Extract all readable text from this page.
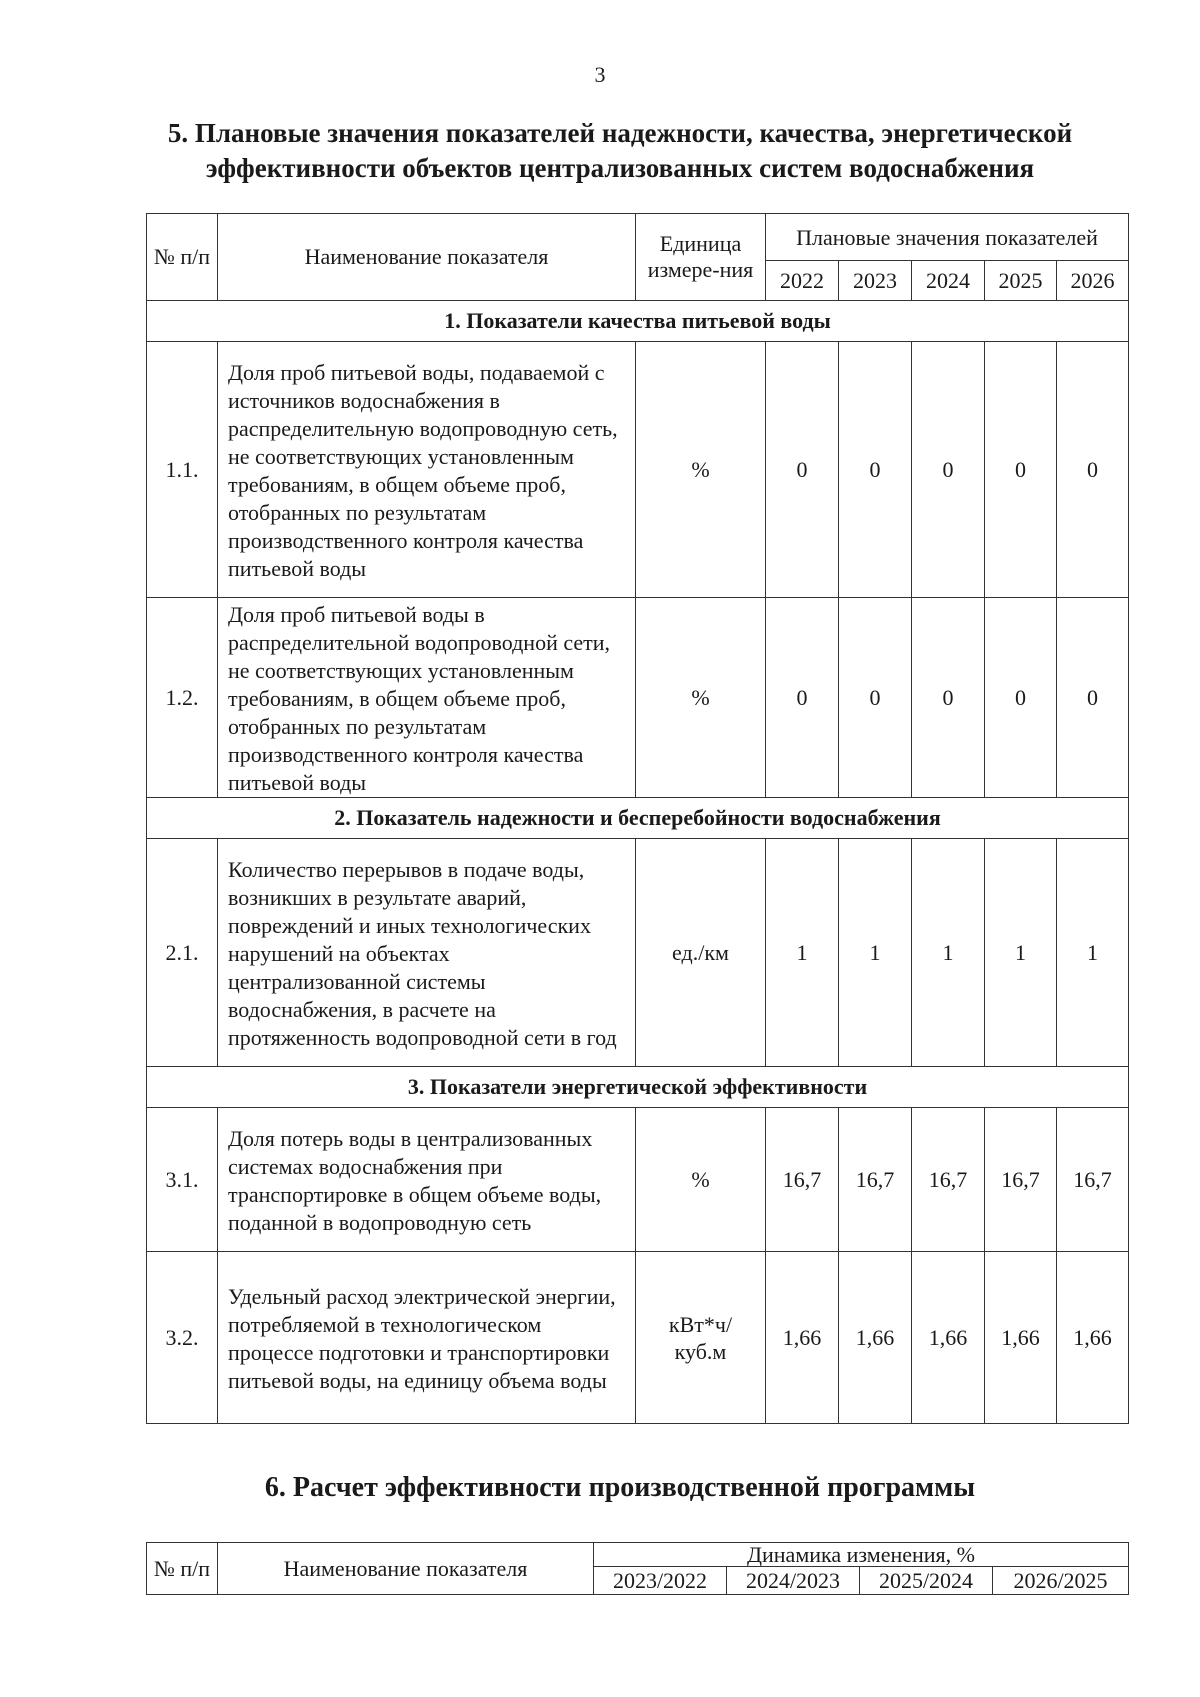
3
5. Плановые значения показателей надежности, качества, энергетической
эффективности объектов централизованных систем водоснабжения
№ п/п	Наименование показателя	Единица измере-ния	Плановые значения показателей				
			2022	2023	2024	2025	2026
1. Показатели качества питьевой воды							
1.1.	Доля проб питьевой воды, подаваемой с источников водоснабжения в распределительную водопроводную сеть, не соответствующих установленным требованиям, в общем объеме проб, отобранных по результатам производственного контроля качества питьевой воды	%	0	0	0	0	0
1.2.	Доля проб питьевой воды в распределительной водопроводной сети, не соответствующих установленным требованиям, в общем объеме проб, отобранных по результатам производственного контроля качества питьевой воды	%	0	0	0	0	0
2. Показатель надежности и бесперебойности водоснабжения							
2.1.	Количество перерывов в подаче воды, возникших в результате аварий, повреждений и иных технологических нарушений на объектах централизованной системы водоснабжения, в расчете на протяженность водопроводной сети в год	ед./км	1	1	1	1	1
3. Показатели энергетической эффективности							
3.1.	Доля потерь воды в централизованных системах водоснабжения при транспортировке в общем объеме воды, поданной в водопроводную сеть	%	16,7	16,7	16,7	16,7	16,7
3.2.	Удельный расход электрической энергии, потребляемой в технологическом процессе подготовки и транспортировки питьевой воды, на единицу объема воды	кВт*ч/ куб.м	1,66	1,66	1,66	1,66	1,66
6. Расчет эффективности производственной программы
№ п/п	Наименование показателя	Динамика изменения, %			
		2023/2022	2024/2023	2025/2024	2026/2025
